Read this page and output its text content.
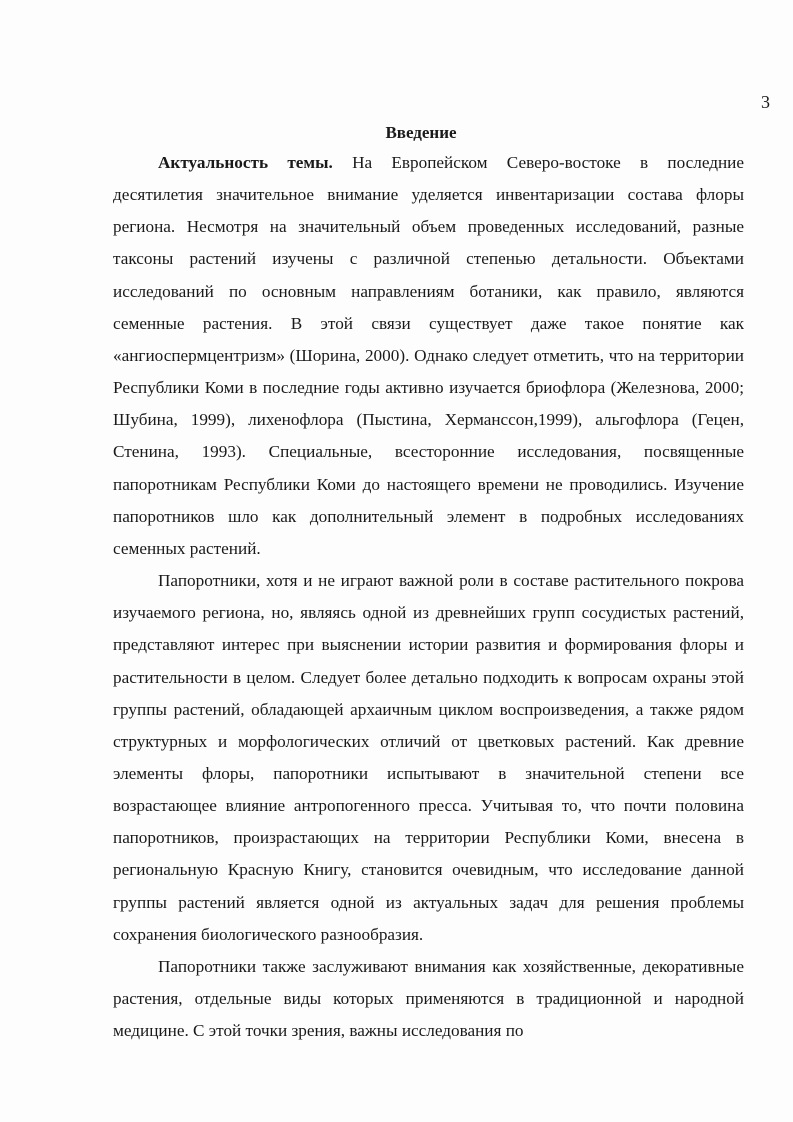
3
Введение

Актуальность темы. На Европейском Северо-востоке в последние десятилетия значительное внимание уделяется инвентаризации состава флоры региона. Несмотря на значительный объем проведенных исследований, разные таксоны растений изучены с различной степенью детальности. Объектами исследований по основным направлениям ботаники, как правило, являются семенные растения. В этой связи существует даже такое понятие как «ангиоспермцентризм» (Шорина, 2000). Однако следует отметить, что на территории Республики Коми в последние годы активно изучается бриофлора (Железнова, 2000; Шубина, 1999), лихенофлора (Пыстина, Херманссон,1999), альгофлора (Гецен, Стенина, 1993). Специальные, всесторонние исследования, посвященные папоротникам Республики Коми до настоящего времени не проводились. Изучение папоротников шло как дополнительный элемент в подробных исследованиях семенных растений.

Папоротники, хотя и не играют важной роли в составе растительного покрова изучаемого региона, но, являясь одной из древнейших групп сосудистых растений, представляют интерес при выяснении истории развития и формирования флоры и растительности в целом. Следует более детально подходить к вопросам охраны этой группы растений, обладающей архаичным циклом воспроизведения, а также рядом структурных и морфологических отличий от цветковых растений. Как древние элементы флоры, папоротники испытывают в значительной степени все возрастающее влияние антропогенного пресса. Учитывая то, что почти половина папоротников, произрастающих на территории Республики Коми, внесена в региональную Красную Книгу, становится очевидным, что исследование данной группы растений является одной из актуальных задач для решения проблемы сохранения биологического разнообразия.

Папоротники также заслуживают внимания как хозяйственные, декоративные растения, отдельные виды которых применяются в традиционной и народной медицине. С этой точки зрения, важны исследования по
